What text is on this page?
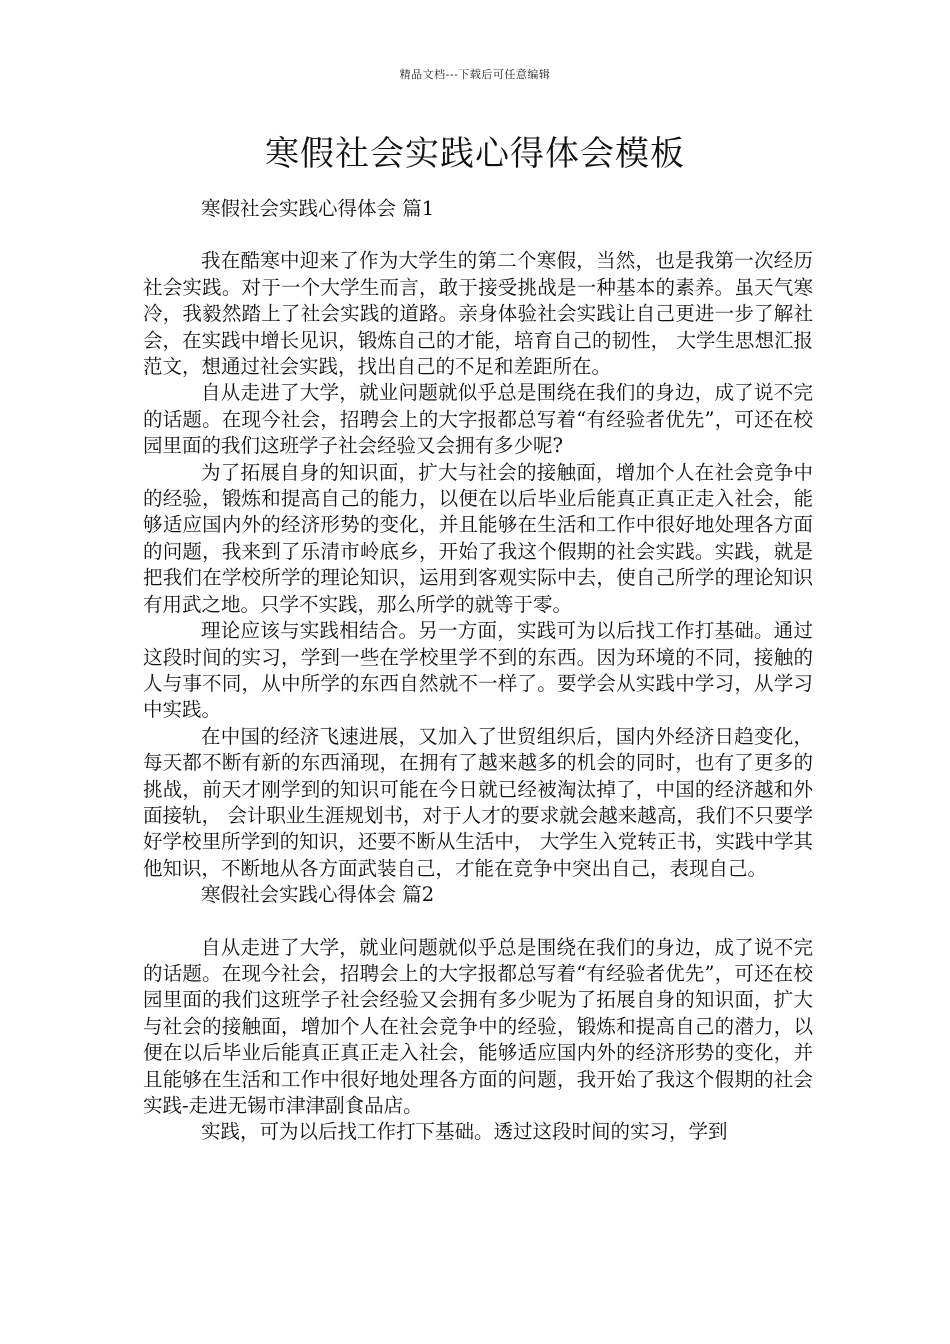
精品文档---下载后可任意编辑
寒假社会实践心得体会模板
寒假社会实践心得体会 篇1

我在酷寒中迎来了作为大学生的第二个寒假，当然，也是我第一次经历社会实践。对于一个大学生而言，敢于接受挑战是一种基本的素养。虽天气寒冷，我毅然踏上了社会实践的道路。亲身体验社会实践让自己更进一步了解社会，在实践中增长见识，锻炼自己的才能，培育自己的韧性， 大学生思想汇报范文，想通过社会实践，找出自己的不足和差距所在。

自从走进了大学，就业问题就似乎总是围绕在我们的身边，成了说不完的话题。在现今社会，招聘会上的大字报都总写着“有经验者优先”，可还在校园里面的我们这班学子社会经验又会拥有多少呢?

为了拓展自身的知识面，扩大与社会的接触面，增加个人在社会竞争中的经验，锻炼和提高自己的能力，以便在以后毕业后能真正真正走入社会，能够适应国内外的经济形势的变化，并且能够在生活和工作中很好地处理各方面的问题，我来到了乐清市岭底乡，开始了我这个假期的社会实践。实践，就是把我们在学校所学的理论知识，运用到客观实际中去，使自己所学的理论知识有用武之地。只学不实践，那么所学的就等于零。

理论应该与实践相结合。另一方面，实践可为以后找工作打基础。通过这段时间的实习，学到一些在学校里学不到的东西。因为环境的不同，接触的人与事不同，从中所学的东西自然就不一样了。要学会从实践中学习，从学习中实践。

在中国的经济飞速进展，又加入了世贸组织后，国内外经济日趋变化，每天都不断有新的东西涌现，在拥有了越来越多的机会的同时，也有了更多的挑战，前天才刚学到的知识可能在今日就已经被淘汰掉了，中国的经济越和外面接轨， 会计职业生涯规划书，对于人才的要求就会越来越高，我们不只要学好学校里所学到的知识，还要不断从生活中， 大学生入党转正书，实践中学其他知识，不断地从各方面武装自己，才能在竞争中突出自己，表现自己。

寒假社会实践心得体会 篇2

自从走进了大学，就业问题就似乎总是围绕在我们的身边，成了说不完的话题。在现今社会，招聘会上的大字报都总写着“有经验者优先”，可还在校园里面的我们这班学子社会经验又会拥有多少呢为了拓展自身的知识面，扩大与社会的接触面，增加个人在社会竞争中的经验，锻炼和提高自己的潜力，以便在以后毕业后能真正真正走入社会，能够适应国内外的经济形势的变化，并且能够在生活和工作中很好地处理各方面的问题，我开始了我这个假期的社会实践-走进无锡市津津副食品店。

实践，可为以后找工作打下基础。透过这段时间的实习，学到
